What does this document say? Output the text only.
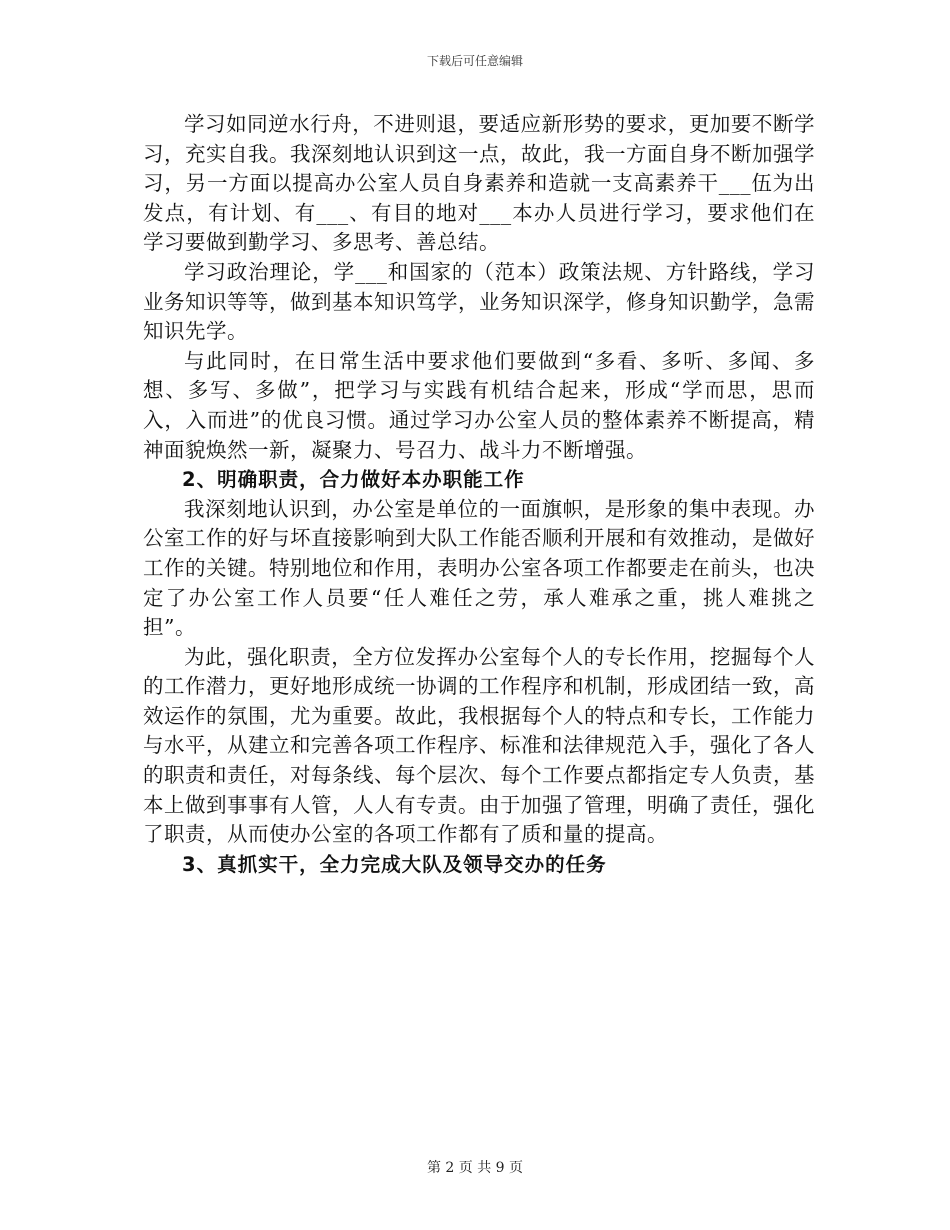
下载后可任意编辑

学习如同逆水行舟，不进则退，要适应新形势的要求，更加要不断学习，充实自我。我深刻地认识到这一点，故此，我一方面自身不断加强学习，另一方面以提高办公室人员自身素养和造就一支高素养干___伍为出发点，有计划、有___、有目的地对___本办人员进行学习，要求他们在学习要做到勤学习、多思考、善总结。

学习政治理论，学___和国家的（范本）政策法规、方针路线，学习业务知识等等，做到基本知识笃学，业务知识深学，修身知识勤学，急需知识先学。

与此同时，在日常生活中要求他们要做到“多看、多听、多闻、多想、多写、多做”，把学习与实践有机结合起来，形成“学而思，思而入，入而进”的优良习惯。通过学习办公室人员的整体素养不断提高，精神面貌焕然一新，凝聚力、号召力、战斗力不断增强。

2、明确职责，合力做好本办职能工作

我深刻地认识到，办公室是单位的一面旗帜，是形象的集中表现。办公室工作的好与坏直接影响到大队工作能否顺利开展和有效推动，是做好工作的关键。特别地位和作用，表明办公室各项工作都要走在前头，也决定了办公室工作人员要“任人难任之劳，承人难承之重，挑人难挑之担”。

为此，强化职责，全方位发挥办公室每个人的专长作用，挖掘每个人的工作潜力，更好地形成统一协调的工作程序和机制，形成团结一致，高效运作的氛围，尤为重要。故此，我根据每个人的特点和专长，工作能力与水平，从建立和完善各项工作程序、标准和法律规范入手，强化了各人的职责和责任，对每条线、每个层次、每个工作要点都指定专人负责，基本上做到事事有人管，人人有专责。由于加强了管理，明确了责任，强化了职责，从而使办公室的各项工作都有了质和量的提高。

3、真抓实干，全力完成大队及领导交办的任务

第 2 页 共 9 页
